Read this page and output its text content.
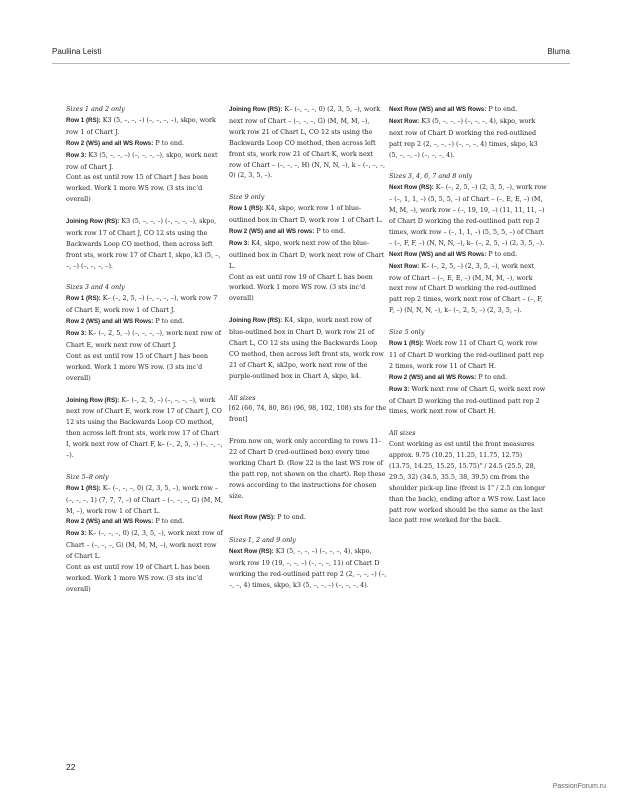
Pauliina Leisti	Bluma

Sizes 1 and 2 only

Row 1 (RS): K3 (5, –, –, –) (–, –, –, –), skpo, work row 1 of Chart J.
Row 2 (WS) and all WS Rows: P to end.
Row 3: K3 (5, –, –, –) (–, –, –, –), skpo, work next row of Chart J.
Cont as est until row 15 of Chart J has been worked. Work 1 more WS row. (3 sts inc’d overall)

Joining Row (RS): K3 (5, –, –, –) (–, –, –, –), skpo, work row 17 of Chart J, CO 12 sts using the Backwards Loop CO method, then across left front sts, work row 17 of Chart I, skpo, k3 (5, –, –, –) (–, –, –, –).

Sizes 3 and 4 only

Row 1 (RS): K– (–, 2, 5, –) (–, –, –, –), work row 7 of Chart E, work row 1 of Chart J.
Row 2 (WS) and all WS Rows: P to end.
Row 3: K– (–, 2, 5, –) (–, –, –, –), work next row of Chart E, work next row of Chart J.
Cont as est until row 15 of Chart J has been worked. Work 1 more WS row. (3 sts inc’d overall)

Joining Row (RS): K– (–, 2, 5, –) (–, –, –, –), work next row of Chart E, work row 17 of Chart J, CO 12 sts using the Backwards Loop CO method, then across left front sts, work row 17 of Chart I, work next row of Chart F, k– (–, 2, 5, –) (–, –, –, –).

Size 5–8 only

Row 1 (RS): K– (–, –, –, 0) (2, 3, 5, –), work row – (–, –, –, 1) (7, 7, 7, –) of Chart – (–, –, –, G) (M, M, M, –), work row 1 of Chart L.
Row 2 (WS) and all WS Rows: P to end.
Row 3: K– (–, –, –, 0) (2, 3, 5, –), work next row of Chart – (–, –, –, G) (M, M, M, –), work next row of Chart L.
Cont as est until row 19 of Chart L has been worked. Work 1 more WS row. (3 sts inc’d overall)

Joining Row (RS): K– (–, –, –, 0) (2, 3, 5, –), work next row of Chart – (–, –, –, G) (M, M, M, –), work row 21 of Chart L, CO 12 sts using the Backwards Loop CO method, then across left front sts, work row 21 of Chart K, work next row of Chart – (–, –, –, H) (N, N, N, –), k – (–, –, –, 0) (2, 3, 5, –).

Size 9 only

Row 1 (RS): K4, skpo, work row 1 of blue-outlined box in Chart D, work row 1 of Chart L.
Row 2 (WS) and all WS rows: P to end.
Row 3: K4, skpo, work next row of the blue-outlined box in Chart D, work next row of Chart L.
Cont as est until row 19 of Chart L has been worked. Work 1 more WS row. (3 sts inc’d overall)

Joining Row (RS): K4, skpo, work next row of blue-outlined box in Chart D, work row 21 of Chart L, CO 12 sts using the Backwards Loop CO method, then across left front sts, work row 21 of Chart K, sk2po, work next row of the purple-outlined box in Chart A, skpo, k4.

All sizes

[62 (66, 74, 80, 86) (96, 98, 102, 108) sts for the front]

From now on, work only according to rows 11–22 of Chart D (red-outlined box) every time working Chart D. (Row 22 is the last WS row of the patt rep, not shown on the chart). Rep these rows according to the instructions for chosen size.

Next Row (WS): P to end.

Sizes 1, 2 and 9 only

Next Row (RS): K3 (5, –, –, –) (–, –, –, 4), skpo, work row 19 (19, –, –, –) (–, –, –, 11) of Chart D working the red-outlined patt rep 2 (2, –, –, –) (–, –, –, 4) times, skpo, k3 (5, –, –, –) (–, –, –, 4).

Next Row (WS) and all WS Rows: P to end.
Next Row: K3 (5, –, –, –) (–, –, –, 4), skpo, work next row of Chart D working the red-outlined patt rep 2 (2, –, –, –) (–, –, –, 4) times, skpo, k3 (5, –, –, –) (–, –, –, 4).

Sizes 3, 4, 6, 7 and 8 only

Next Row (RS): K– (–, 2, 5, –) (2, 3, 5, –), work row – (–, 1, 1, –) (5, 5, 5, –) of Chart – (–, E, E, –) (M, M, M, –), work row – (–, 19, 19, –) (11, 11, 11, –) of Chart D working the red-outlined patt rep 2 times, work row – (–, 1, 1, –) (5, 5, 5, –) of Chart – (–, F, F, –) (N, N, N, –), k– (–, 2, 5, –) (2, 3, 5, –).
Next Row (WS) and all WS Rows: P to end.
Next Row: K– (–, 2, 5, –) (2, 3, 5, –), work next row of Chart – (–, E, E, –) (M, M, M, –), work next row of Chart D working the red-outlined patt rep 2 times, work next row of Chart – (–, F, F, –) (N, N, N, –), k– (–, 2, 5, –) (2, 3, 5, –).

Size 5 only

Row 1 (RS): Work row 11 of Chart G, work row 11 of Chart D working the red-outlined patt rep 2 times, work row 11 of Chart H.
Row 2 (WS) and all WS Rows: P to end.
Row 3: Work next row of Chart G, work next row of Chart D working the red-outlined patt rep 2 times, work next row of Chart H.

All sizes

Cont working as est until the front measures approx. 9.75 (10.25, 11.25, 11.75, 12.75) (13.75, 14.25, 15.25, 15.75)" / 24.5 (25.5, 28, 29.5, 32) (34.5, 35.5, 38, 39.5) cm from the shoulder pick-up line (front is 1" / 2.5 cm longer than the back), ending after a WS row. Last lace patt row worked should be the same as the last lace patt row worked for the back.

22
PassionForum.ru
